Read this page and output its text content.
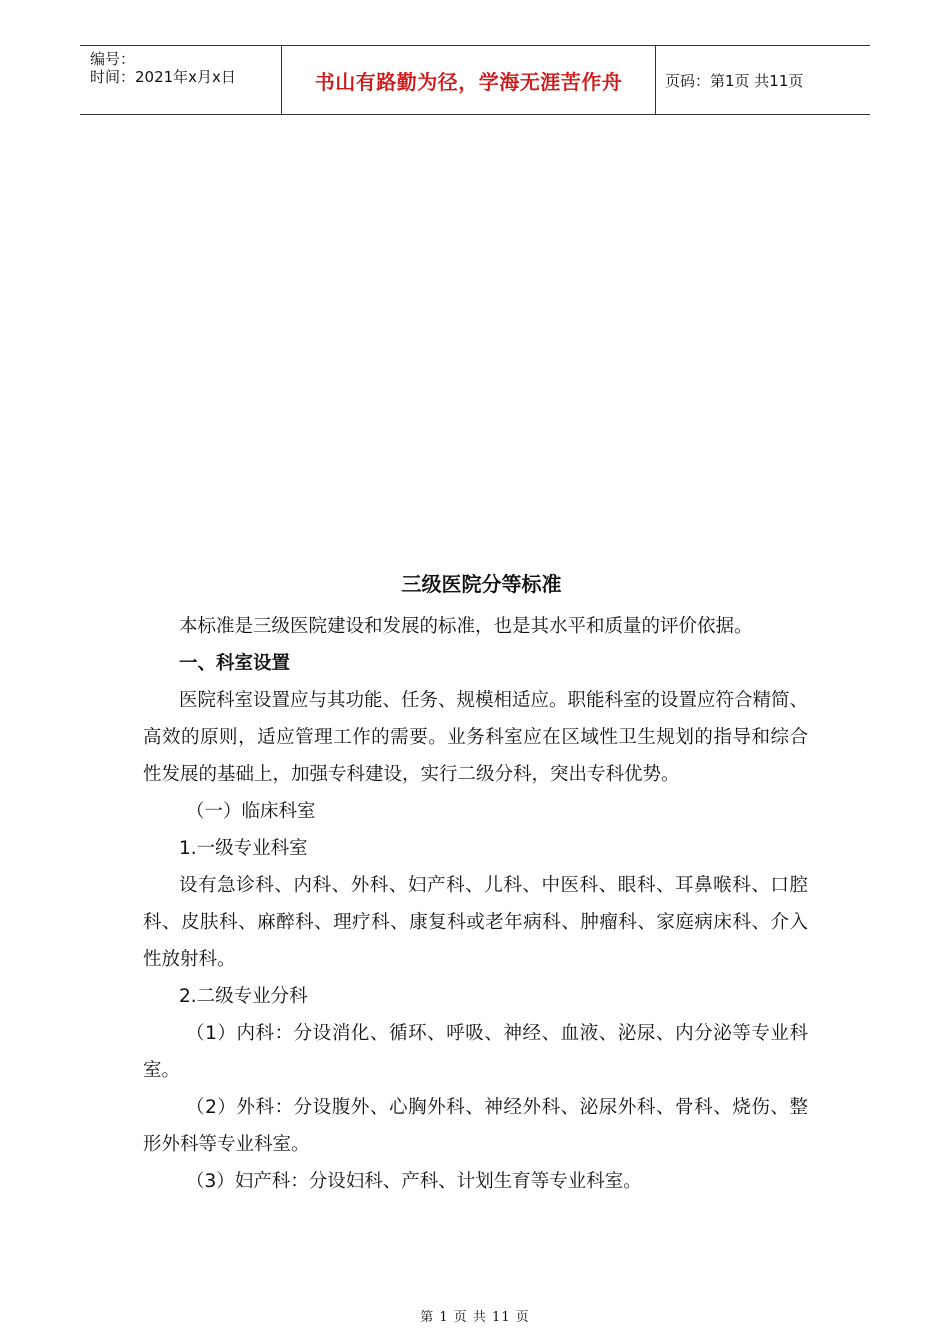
编号：
时间：2021年x月x日	书山有路勤为径，学海无涯苦作舟	页码：第1页 共11页
三级医院分等标准

本标准是三级医院建设和发展的标准，也是其水平和质量的评价依据。

一、科室设置

医院科室设置应与其功能、任务、规模相适应。职能科室的设置应符合精简、高效的原则，适应管理工作的需要。业务科室应在区域性卫生规划的指导和综合性发展的基础上，加强专科建设，实行二级分科，突出专科优势。

（一）临床科室

1.一级专业科室

设有急诊科、内科、外科、妇产科、儿科、中医科、眼科、耳鼻喉科、口腔科、皮肤科、麻醉科、理疗科、康复科或老年病科、肿瘤科、家庭病床科、介入性放射科。

2.二级专业分科

（1）内科：分设消化、循环、呼吸、神经、血液、泌尿、内分泌等专业科室。

（2）外科：分设腹外、心胸外科、神经外科、泌尿外科、骨科、烧伤、整形外科等专业科室。

（3）妇产科：分设妇科、产科、计划生育等专业科室。

第 1 页 共 11 页
